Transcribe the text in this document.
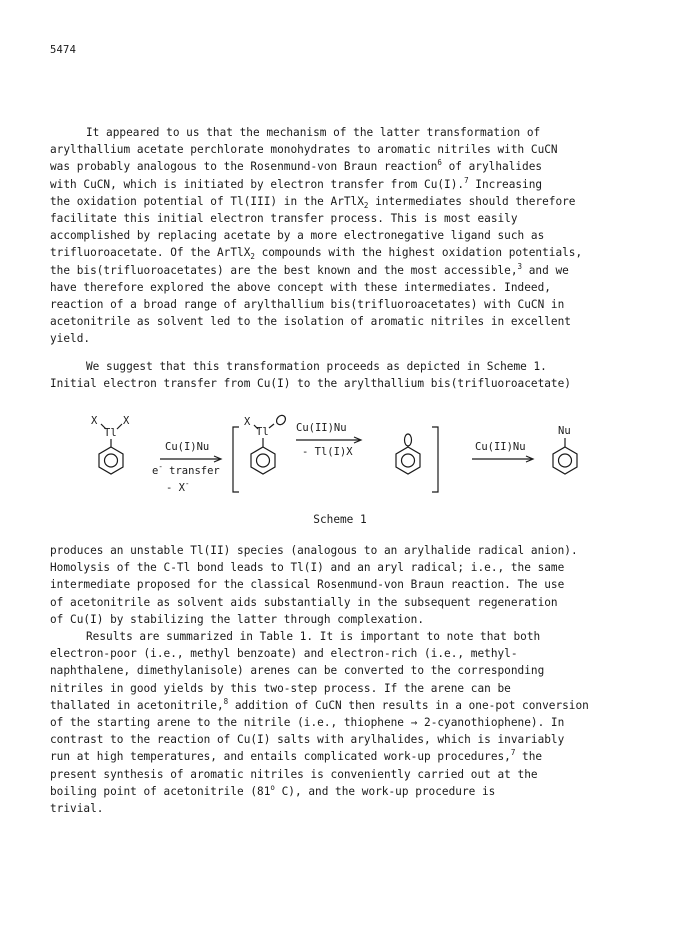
5474
It appeared to us that the mechanism of the latter transformation of
arylthallium acetate perchlorate monohydrates to aromatic nitriles with CuCN
was probably analogous to the Rosenmund-von Braun reaction$^6$ of arylhalides
with CuCN, which is initiated by electron transfer from Cu(I).$^7$ Increasing
the oxidation potential of Tl(III) in the ArTlX$_2$ intermediates should therefore
facilitate this initial electron transfer process. This is most easily
accomplished by replacing acetate by a more electronegative ligand such as
trifluoroacetate. Of the ArTlX$_2$ compounds with the highest oxidation potentials,
the bis(trifluoroacetates) are the best known and the most accessible,$^3$ and we
have therefore explored the above concept with these intermediates. Indeed,
reaction of a broad range of arylthallium bis(trifluoroacetates) with CuCN in
acetonitrile as solvent led to the isolation of aromatic nitriles in excellent
yield.
We suggest that this transformation proceeds as depicted in Scheme 1.
Initial electron transfer from Cu(I) to the arylthallium bis(trifluoroacetate)
X X
Tl
Cu(I)Nu
e- transfer
- X-
X
Tl	Cu(II)Nu
- Tl(I)X	Cu(II)Nu
Nu
Scheme 1
produces an unstable Tl(II) species (analogous to an arylhalide radical anion).
Homolysis of the C-Tl bond leads to Tl(I) and an aryl radical; i.e., the same
intermediate proposed for the classical Rosenmund-von Braun reaction. The use
of acetonitrile as solvent aids substantially in the subsequent regeneration
of Cu(I) by stabilizing the latter through complexation.
Results are summarized in Table 1. It is important to note that both
electron-poor (i.e., methyl benzoate) and electron-rich (i.e., methyl-
naphthalene, dimethylanisole) arenes can be converted to the corresponding
nitriles in good yields by this two-step process. If the arene can be
thallated in acetonitrile,$^8$ addition of CuCN then results in a one-pot conversion
of the starting arene to the nitrile (i.e., thiophene → 2-cyanothiophene). In
contrast to the reaction of Cu(I) salts with arylhalides, which is invariably
run at high temperatures, and entails complicated work-up procedures,$^7$ the
present synthesis of aromatic nitriles is conveniently carried out at the
boiling point of acetonitrile (81$^o$ C), and the work-up procedure is
trivial.
